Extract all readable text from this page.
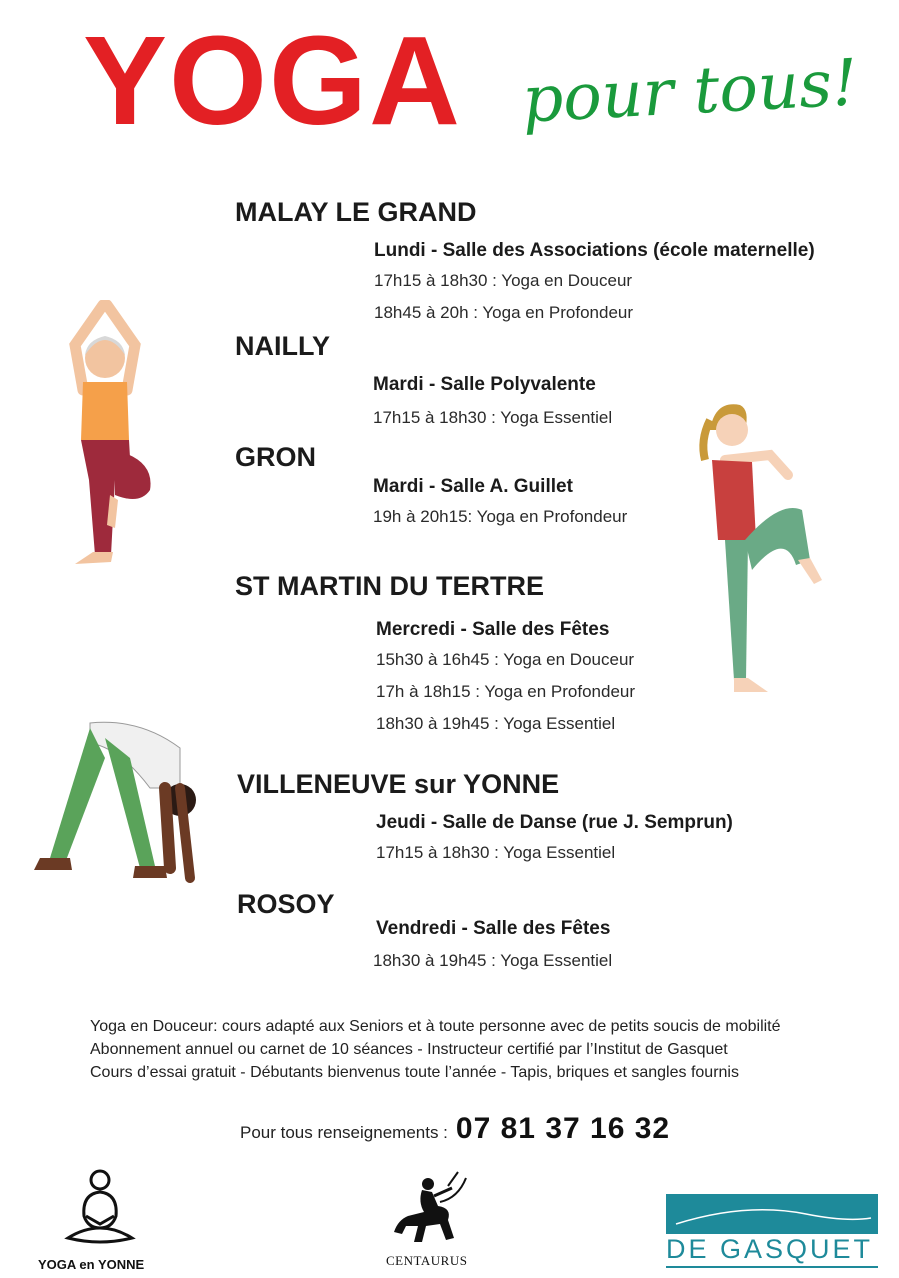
YOGA pour tous!
MALAY LE GRAND
Lundi - Salle des Associations (école maternelle)
17h15 à 18h30 : Yoga en Douceur
18h45 à 20h : Yoga en Profondeur
NAILLY
Mardi - Salle Polyvalente
17h15 à 18h30 : Yoga Essentiel
GRON
Mardi - Salle A. Guillet
19h à 20h15: Yoga en Profondeur
ST MARTIN DU TERTRE
Mercredi - Salle des Fêtes
15h30 à 16h45 : Yoga en Douceur
17h à 18h15 : Yoga en Profondeur
18h30 à 19h45 : Yoga Essentiel
VILLENEUVE sur YONNE
Jeudi - Salle de Danse (rue J. Semprun)
17h15 à 18h30 : Yoga Essentiel
ROSOY
Vendredi - Salle des Fêtes
18h30 à 19h45 : Yoga Essentiel
Yoga en Douceur: cours adapté aux Seniors et à toute personne avec de petits soucis de mobilité
Abonnement annuel ou carnet de 10 séances - Instructeur certifié par l’Institut de Gasquet
Cours d’essai gratuit - Débutants bienvenus toute l’année - Tapis, briques et sangles fournis
Pour tous renseignements : 07 81 37 16 32
YOGA en YONNE	CENTAURUS	DE GASQUET
